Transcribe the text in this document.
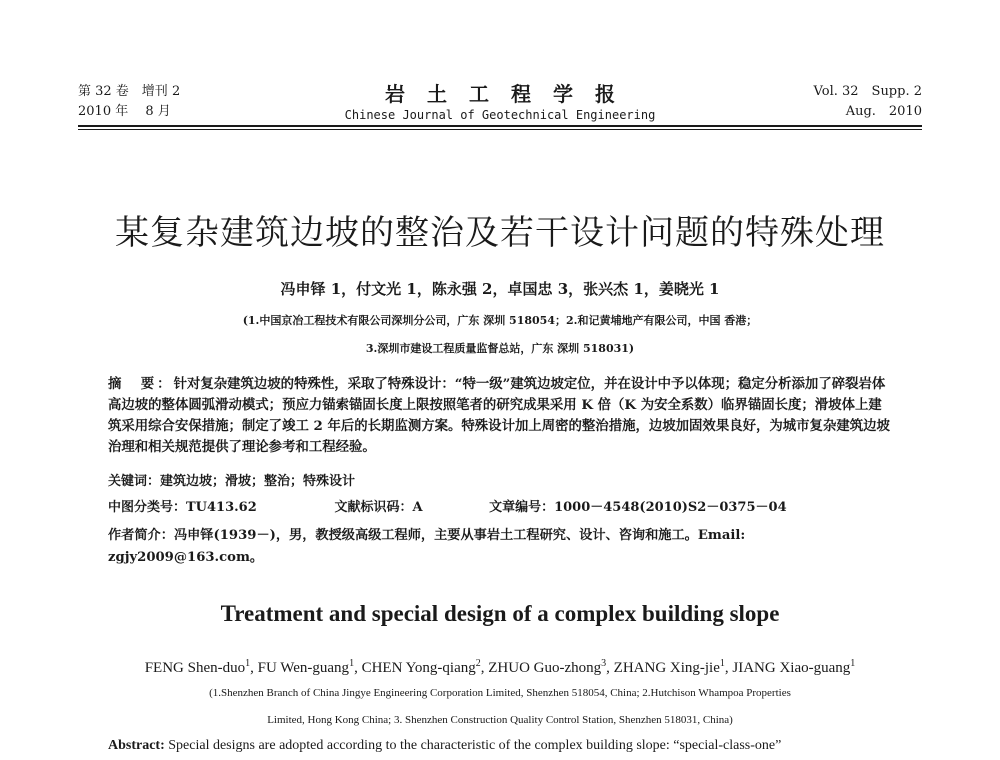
第 32 卷　增刊 2
2010 年　 8 月
岩土工程学报
Chinese Journal of Geotechnical Engineering
Vol. 32　Supp. 2
Aug.　2010
某复杂建筑边坡的整治及若干设计问题的特殊处理
冯申铎 1，付文光 1，陈永强 2，卓国忠 3，张兴杰 1，姜晓光 1
(1.中国京冶工程技术有限公司深圳分公司，广东 深圳 518054；2.和记黄埔地产有限公司，中国 香港；
3.深圳市建设工程质量监督总站，广东 深圳 518031)
摘　要：针对复杂建筑边坡的特殊性，采取了特殊设计：“特一级”建筑边坡定位，并在设计中予以体现；稳定分析添加了碎裂岩体高边坡的整体圆弧滑动模式；预应力锚索锚固长度上限按照笔者的研究成果采用 K 倍（K 为安全系数）临界锚固长度；滑坡体上建筑采用综合安保措施；制定了竣工 2 年后的长期监测方案。特殊设计加上周密的整治措施，边坡加固效果良好，为城市复杂建筑边坡治理和相关规范提供了理论参考和工程经验。
关键词：建筑边坡；滑坡；整治；特殊设计
中图分类号：TU413.62	文献标识码：A	文章编号：1000－4548(2010)S2－0375－04
作者简介：冯申铎(1939－)，男，教授级高级工程师，主要从事岩土工程研究、设计、咨询和施工。Email: zgjy2009@163.com。
Treatment and special design of a complex building slope
FENG Shen-duo$^1$, FU Wen-guang$^1$, CHEN Yong-qiang$^2$, ZHUO Guo-zhong$^3$, ZHANG Xing-jie$^1$, JIANG Xiao-guang$^1$
(1.Shenzhen Branch of China Jingye Engineering Corporation Limited, Shenzhen 518054, China; 2.Hutchison Whampoa Properties
Limited, Hong Kong China; 3. Shenzhen Construction Quality Control Station, Shenzhen 518031, China)
Abstract: Special designs are adopted according to the characteristic of the complex building slope: “special-class-one”
